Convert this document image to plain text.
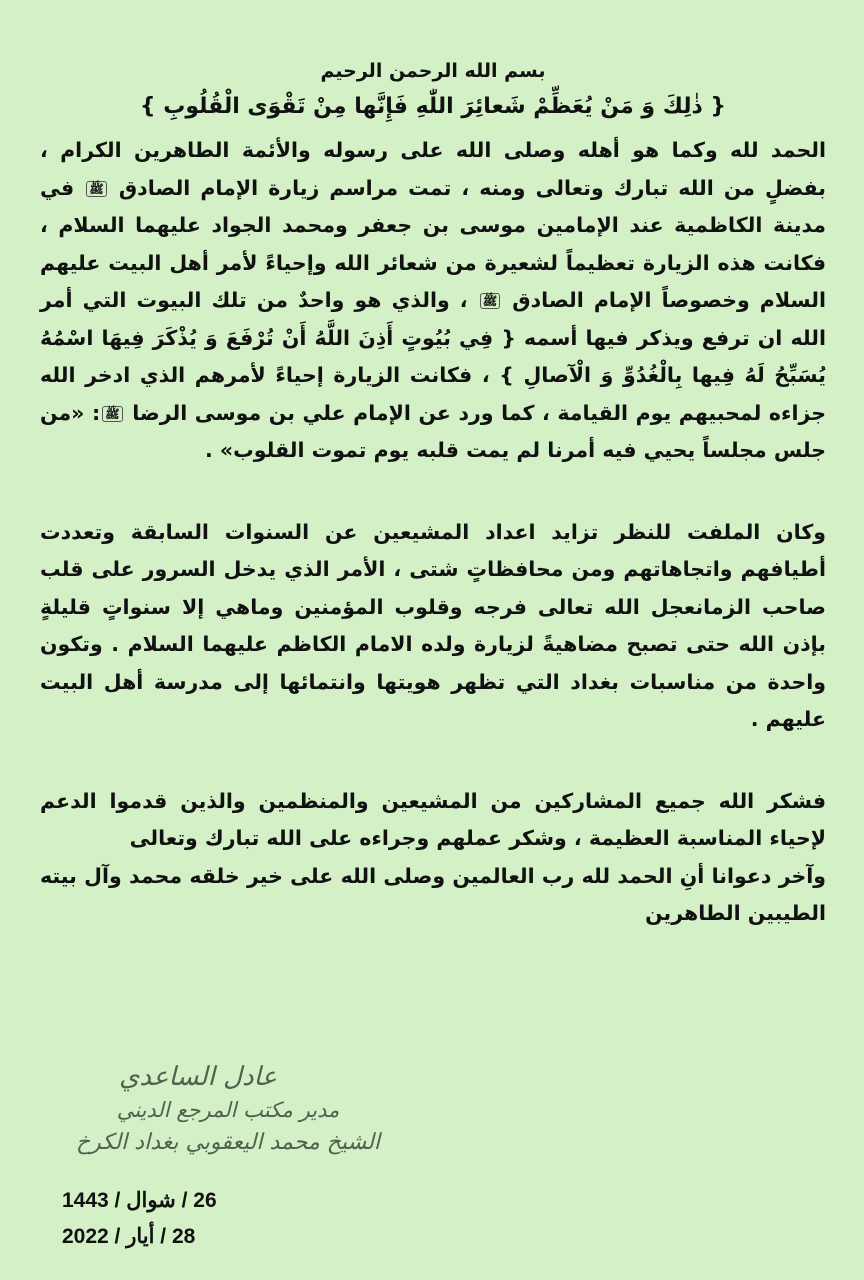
بسم الله الرحمن الرحيم
{ ذٰلِكَ وَ مَنْ يُعَظِّمْ شَعائِرَ اللّٰهِ فَإِنَّها مِنْ تَقْوَى الْقُلُوبِ }

الحمد لله وكما هو أهله وصلى الله على رسوله والأئمة الطاهرين الكرام ، بفضلٍ من الله تبارك وتعالى ومنه ، تمت مراسم زيارة الإمام الصادق ﷺ في مدينة الكاظمية عند الإمامين موسى بن جعفر ومحمد الجواد عليهما السلام ، فكانت هذه الزيارة تعظيماً لشعيرة من شعائر الله وإحياءً لأمر أهل البيت عليهم السلام وخصوصاً الإمام الصادق ﷺ ، والذي هو واحدٌ من تلك البيوت التي أمر الله ان ترفع ويذكر فيها أسمه { فِي بُيُوتٍ أَذِنَ اللَّهُ أَنْ تُرْفَعَ وَ يُذْكَرَ فِيهَا اسْمُهُ يُسَبِّحُ لَهُ فِيها بِالْغُدُوِّ وَ الْآصالِ } ، فكانت الزيارة إحياءً لأمرهم الذي ادخر الله جزاءه لمحبيهم يوم القيامة ، كما ورد عن الإمام علي بن موسى الرضا ﷺ: «من جلس مجلساً يحيي فيه أمرنا لم يمت قلبه يوم تموت القلوب» .

وكان الملفت للنظر تزايد اعداد المشيعين عن السنوات السابقة وتعددت أطيافهم واتجاهاتهم ومن محافظاتٍ شتى ، الأمر الذي يدخل السرور على قلب صاحب الزمانعجل الله تعالى فرجه وقلوب المؤمنين وماهي إلا سنواتٍ قليلةٍ بإذن الله حتى تصبح مضاهيةً لزيارة ولده الامام الكاظم عليهما السلام . وتكون واحدة من مناسبات بغداد التي تظهر هويتها وانتمائها إلى مدرسة أهل البيت عليهم .

فشكر الله جميع المشاركين من المشيعين والمنظمين والذين قدموا الدعم لإحياء المناسبة العظيمة ، وشكر عملهم وجراءه على الله تبارك وتعالى

وآخر دعوانا أنِ الحمد لله رب العالمين وصلى الله على خير خلقه محمد وآل بيته الطيبين الطاهرين

عادل الساعدي
مدير مكتب المرجع الديني
الشيخ محمد اليعقوبي بغداد الكرخ
26 / شوال / 1443
28 / أيار / 2022
